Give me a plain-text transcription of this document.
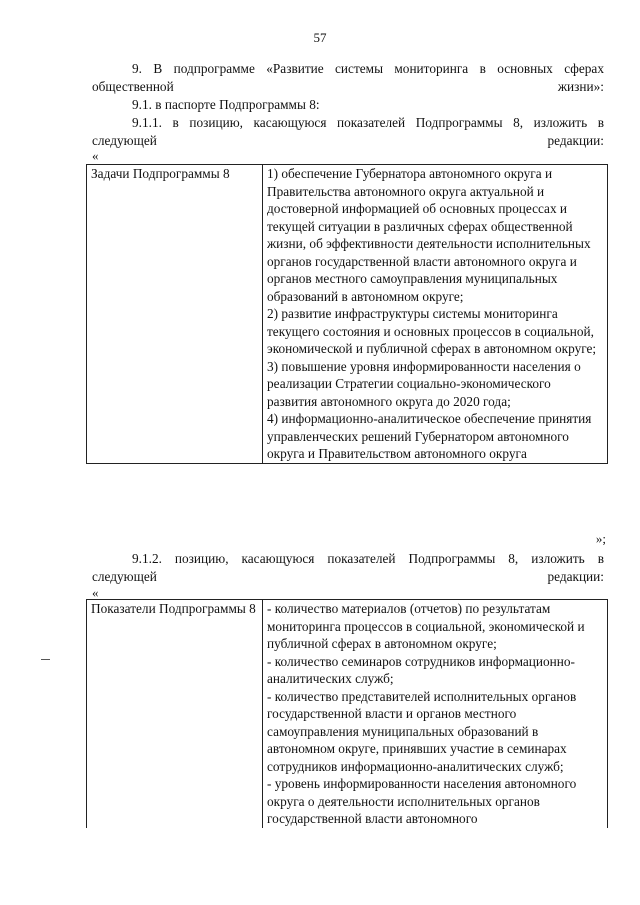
57
9. В подпрограмме «Развитие системы мониторинга в основных сферах общественной жизни»:
9.1. в паспорте Подпрограммы 8:
9.1.1. в позицию, касающуюся показателей Подпрограммы 8, изложить в следующей редакции:
«
Задачи Подпрограммы 8	1) обеспечение Губернатора автономного округа и Правительства автономного округа актуальной и достоверной информацией об основных процессах и текущей ситуации в различных сферах общественной жизни, об эффективности деятельности исполнительных органов государственной власти автономного округа и органов местного самоуправления муниципальных образований в автономном округе;
2) развитие инфраструктуры системы мониторинга текущего состояния и основных процессов в социальной, экономической и публичной сферах в автономном округе;
3) повышение уровня информированности населения о реализации Стратегии социально-экономического развития автономного округа до 2020 года;
4) информационно-аналитическое обеспечение принятия управленческих решений Губернатором автономного округа и Правительством автономного округа
»;
9.1.2. позицию, касающуюся показателей Подпрограммы 8, изложить в следующей редакции:
«
Показатели Подпрограммы 8	- количество материалов (отчетов) по результатам мониторинга процессов в социальной, экономической и публичной сферах в автономном округе;
- количество семинаров сотрудников информационно-аналитических служб;
- количество представителей исполнительных органов государственной власти и органов местного самоуправления муниципальных образований в автономном округе, принявших участие в семинарах сотрудников информационно-аналитических служб;
- уровень информированности населения автономного округа о деятельности исполнительных органов государственной власти автономного
